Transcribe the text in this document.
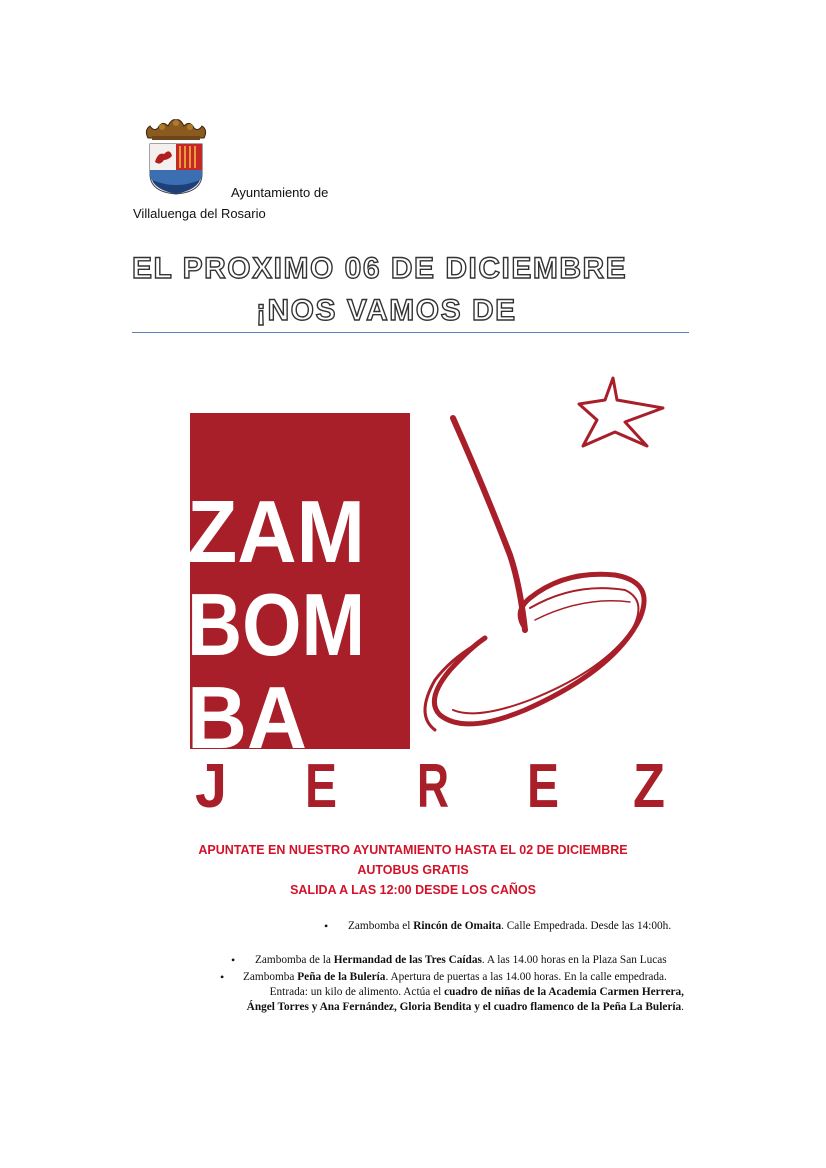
Ayuntamiento de
Villaluenga del Rosario
EL PROXIMO 06 DE DICIEMBRE
¡NOS VAMOS DE
ZAM
BOM
BA
J E R E Z
APUNTATE EN NUESTRO AYUNTAMIENTO HASTA EL 02 DE DICIEMBRE
AUTOBUS GRATIS
SALIDA A LAS 12:00 DESDE LOS CAÑOS
• Zambomba el Rincón de Omaita. Calle Empedrada. Desde las 14:00h.
• Zambomba de la Hermandad de las Tres Caídas. A las 14.00 horas en la Plaza San Lucas
• Zambomba Peña de la Bulería. Apertura de puertas a las 14.00 horas. En la calle empedrada.
Entrada: un kilo de alimento. Actúa el cuadro de niñas de la Academia Carmen Herrera,
Ángel Torres y Ana Fernández, Gloria Bendita y el cuadro flamenco de la Peña La Bulería.
